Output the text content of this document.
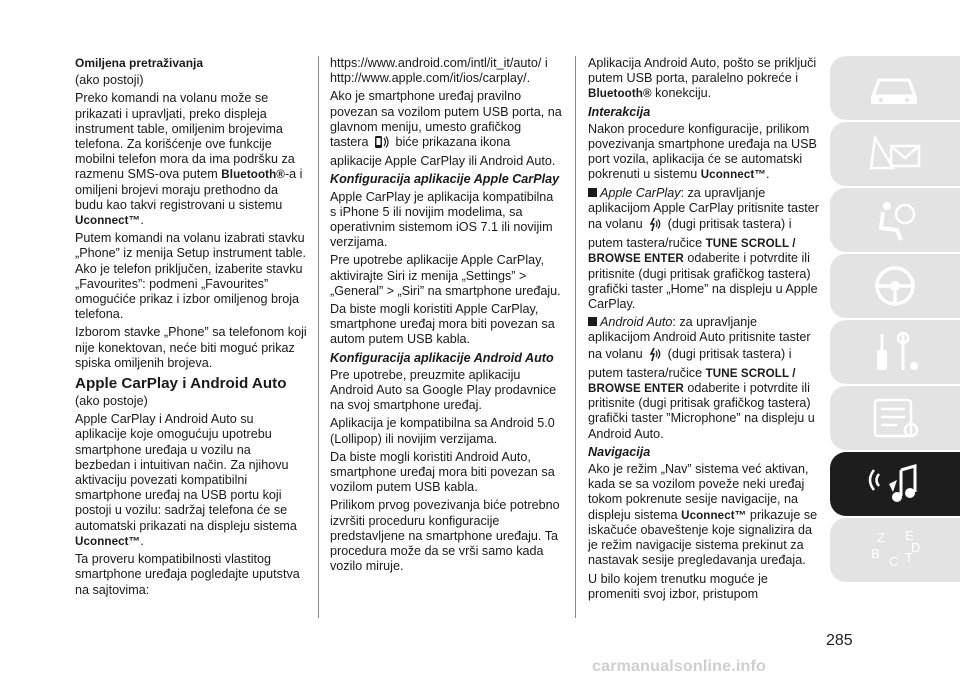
Omiljena pretraživanja

(ako postoji)

Preko komandi na volanu može se prikazati i upravljati, preko displeja instrument table, omiljenim brojevima telefona. Za korišćenje ove funkcije mobilni telefon mora da ima podršku za razmenu SMS-ova putem Bluetooth®-a i omiljeni brojevi moraju prethodno da budu kao takvi registrovani u sistemu Uconnect™.

Putem komandi na volanu izabrati stavku „Phone” iz menija Setup instrument table. Ako je telefon priključen, izaberite stavku „Favourites”: podmeni „Favourites” omogućiće prikaz i izbor omiljenog broja telefona.

Izborom stavke „Phone” sa telefonom koji nije konektovan, neće biti moguć prikaz spiska omiljenih brojeva.

Apple CarPlay i Android Auto

(ako postoje)

Apple CarPlay i Android Auto su aplikacije koje omogućuju upotrebu smartphone uređaja u vozilu na bezbedan i intuitivan način. Za njihovu aktivaciju povezati kompatibilni smartphone uređaj na USB portu koji postoji u vozilu: sadržaj telefona će se automatski prikazati na displeju sistema Uconnect™.

Ta proveru kompatibilnosti vlastitog smartphone uređaja pogledajte uputstva na sajtovima:

https://www.android.com/intl/it_it/auto/ i http://www.apple.com/it/ios/carplay/.

Ako je smartphone uređaj pravilno povezan sa vozilom putem USB porta, na glavnom meniju, umesto grafičkog tastera  biće prikazana ikona aplikacije Apple CarPlay ili Android Auto.

Konfiguracija aplikacije Apple CarPlay

Apple CarPlay je aplikacija kompatibilna s iPhone 5 ili novijim modelima, sa operativnim sistemom iOS 7.1 ili novijim verzijama.

Pre upotrebe aplikacije Apple CarPlay, aktivirajte Siri iz menija „Settings” > „General” > „Siri” na smartphone uređaju.

Da biste mogli koristiti Apple CarPlay, smartphone uređaj mora biti povezan sa autom putem USB kabla.

Konfiguracija aplikacije Android Auto

Pre upotrebe, preuzmite aplikaciju Android Auto sa Google Play prodavnice na svoj smartphone uređaj.

Aplikacija je kompatibilna sa Android 5.0 (Lollipop) ili novijim verzijama.

Da biste mogli koristiti Android Auto, smartphone uređaj mora biti povezan sa vozilom putem USB kabla.

Prilikom prvog povezivanja biće potrebno izvršiti proceduru konfiguracije predstavljene na smartphone uređaju. Ta procedura može da se vrši samo kada vozilo miruje.

Aplikacija Android Auto, pošto se priključi putem USB porta, paralelno pokreće i Bluetooth® konekciju.

Interakcija

Nakon procedure konfiguracije, prilikom povezivanja smartphone uređaja na USB port vozila, aplikacija će se automatski pokrenuti u sistemu Uconnect™.

Apple CarPlay: za upravljanje aplikacijom Apple CarPlay pritisnite taster na volanu  (dugi pritisak tastera) i putem tastera/ručice TUNE SCROLL / BROWSE ENTER odaberite i potvrdite ili pritisnite (dugi pritisak grafičkog tastera) grafički taster „Home” na displeju u Apple CarPlay.

Android Auto: za upravljanje aplikacijom Android Auto pritisnite taster na volanu  (dugi pritisak tastera) i putem tastera/ručice TUNE SCROLL / BROWSE ENTER odaberite i potvrdite ili pritisnite (dugi pritisak grafičkog tastera) grafički taster ”Microphone” na displeju u Android Auto.

Navigacija

Ako je režim „Nav” sistema već aktivan, kada se sa vozilom poveže neki uređaj tokom pokrenute sesije navigacije, na displeju sistema Uconnect™ prikazuje se iskačuće obaveštenje koje signalizira da je režim navigacije sistema prekinut za nastavak sesije pregledavanja uređaja.

U bilo kojem trenutku moguće je promeniti svoj izbor, pristupom

Z E
B
C T
D
285
carmanualsonline.info
